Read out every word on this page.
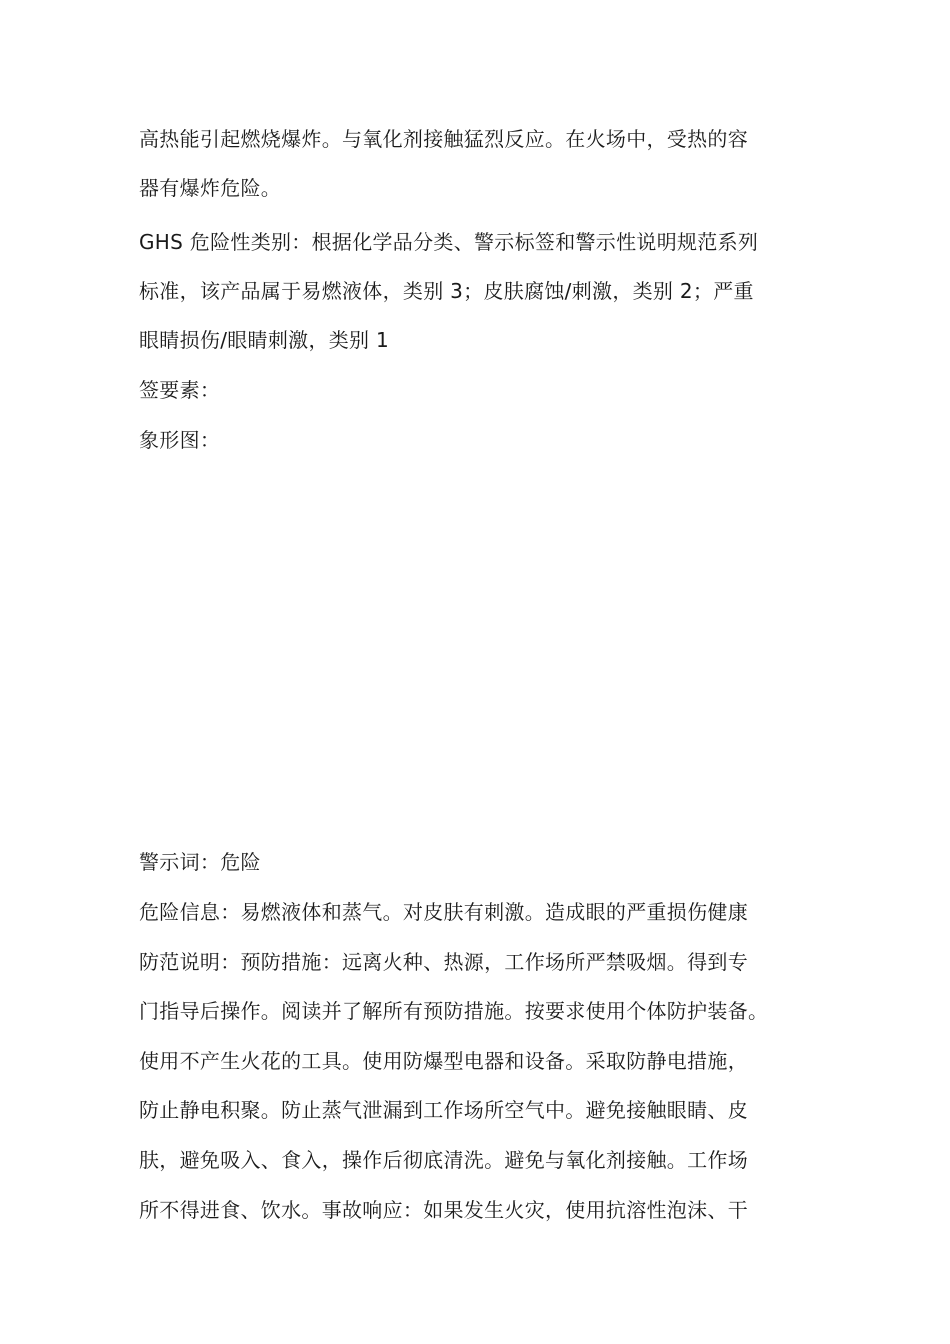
高热能引起燃烧爆炸。与氧化剂接触猛烈反应。在火场中，受热的容
器有爆炸危险。
GHS 危险性类别：根据化学品分类、警示标签和警示性说明规范系列
标准，该产品属于易燃液体，类别 3；皮肤腐蚀/刺激，类别 2；严重
眼睛损伤/眼睛刺激，类别 1
签要素：
象形图：
警示词：危险
危险信息：易燃液体和蒸气。对皮肤有刺激。造成眼的严重损伤健康
防范说明：预防措施：远离火种、热源，工作场所严禁吸烟。得到专
门指导后操作。阅读并了解所有预防措施。按要求使用个体防护装备。
使用不产生火花的工具。使用防爆型电器和设备。采取防静电措施，
防止静电积聚。防止蒸气泄漏到工作场所空气中。避免接触眼睛、皮
肤，避免吸入、食入，操作后彻底清洗。避免与氧化剂接触。工作场
所不得进食、饮水。事故响应：如果发生火灾，使用抗溶性泡沫、干
